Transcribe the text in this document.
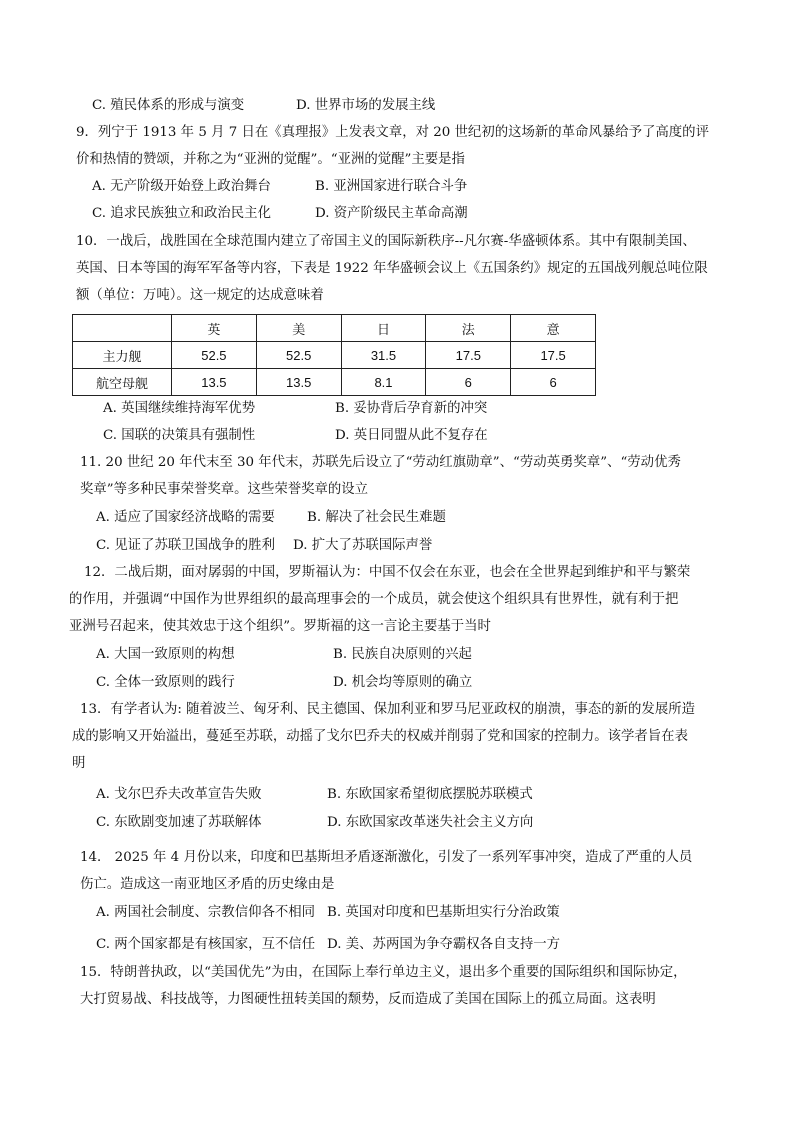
C. 殖民体系的形成与演变	D. 世界市场的发展主线
9．列宁于 1913 年 5 月 7 日在《真理报》上发表文章，对 20 世纪初的这场新的革命风暴给予了高度的评
价和热情的赞颂，并称之为“亚洲的觉醒”。“亚洲的觉醒”主要是指
A. 无产阶级开始登上政治舞台	B. 亚洲国家进行联合斗争
C. 追求民族独立和政治民主化	D. 资产阶级民主革命高潮
10．一战后，战胜国在全球范围内建立了帝国主义的国际新秩序--凡尔赛-华盛顿体系。其中有限制美国、
英国、日本等国的海军军备等内容，下表是 1922 年华盛顿会议上《五国条约》规定的五国战列舰总吨位限
额（单位：万吨）。这一规定的达成意味着
	英	美	日	法	意
主力舰	52.5	52.5	31.5	17.5	17.5
航空母舰	13.5	13.5	8.1	6	6
A. 英国继续维持海军优势	B. 妥协背后孕育新的冲突
C. 国联的决策具有强制性	D. 英日同盟从此不复存在
11. 20 世纪 20 年代末至 30 年代末，苏联先后设立了“劳动红旗勋章”、“劳动英勇奖章”、“劳动优秀
奖章”等多种民事荣誉奖章。这些荣誉奖章的设立
A. 适应了国家经济战略的需要 B. 解决了社会民生难题
C. 见证了苏联卫国战争的胜利 D. 扩大了苏联国际声誉
12．二战后期，面对孱弱的中国，罗斯福认为：中国不仅会在东亚，也会在全世界起到维护和平与繁荣
的作用，并强调“中国作为世界组织的最高理事会的一个成员，就会使这个组织具有世界性，就有利于把
亚洲号召起来，使其效忠于这个组织”。罗斯福的这一言论主要基于当时
A. 大国一致原则的构想	B. 民族自决原则的兴起
C. 全体一致原则的践行	D. 机会均等原则的确立
13．有学者认为: 随着波兰、匈牙利、民主德国、保加利亚和罗马尼亚政权的崩溃，事态的新的发展所造
成的影响又开始溢出，蔓延至苏联，动摇了戈尔巴乔夫的权威并削弱了党和国家的控制力。该学者旨在表
明
A. 戈尔巴乔夫改革宣告失败	B. 东欧国家希望彻底摆脱苏联模式
C. 东欧剧变加速了苏联解体	D. 东欧国家改革迷失社会主义方向
14． 2025 年 4 月份以来，印度和巴基斯坦矛盾逐渐激化，引发了一系列军事冲突，造成了严重的人员
伤亡。造成这一南亚地区矛盾的历史缘由是
A. 两国社会制度、宗教信仰各不相同 B. 英国对印度和巴基斯坦实行分治政策
C. 两个国家都是有核国家，互不信任 D. 美、苏两国为争夺霸权各自支持一方
15．特朗普执政，以“美国优先”为由，在国际上奉行单边主义，退出多个重要的国际组织和国际协定，
大打贸易战、科技战等，力图硬性扭转美国的颓势，反而造成了美国在国际上的孤立局面。这表明
